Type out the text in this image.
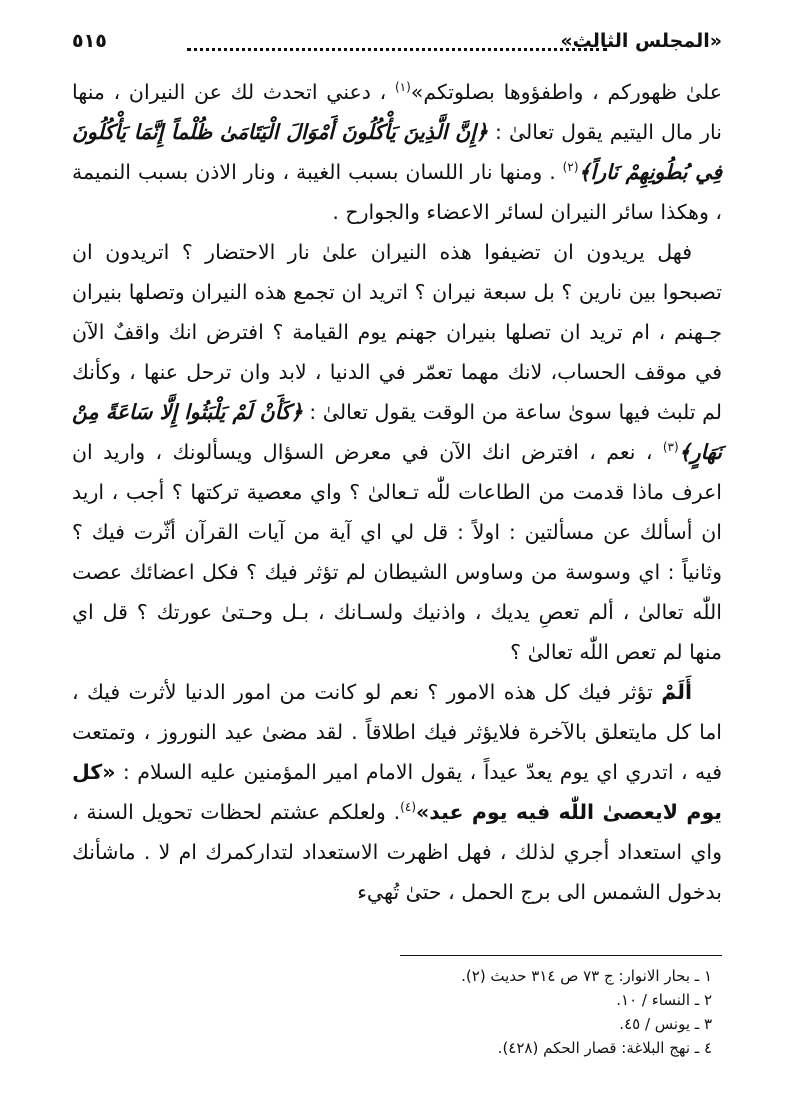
«المجلس الثالث»
٥١٥

علىٰ ظهوركم ، واطفؤوها بصلوتكم»$^{(١)}$ ، دعني اتحدث لك عن النيران ، منها نار مال اليتيم يقول تعالىٰ : ﴿إِنَّ الَّذِينَ يَأْكُلُونَ أَمْوَالَ الْيَتَامَىٰ ظُلْماً إِنَّمَا يَأْكُلُونَ فِي بُطُونِهِمْ نَاراً﴾$^{(٢)}$ . ومنها نار اللسان بسبب الغيبة ، ونار الاذن بسبب النميمة ، وهكذا سائر النيران لسائر الاعضاء والجوارح .

فهل يريدون ان تضيفوا هذه النيران علىٰ نار الاحتضار ؟ اتريدون ان تصبحوا بين نارين ؟ بل سبعة نيران ؟ اتريد ان تجمع هذه النيران وتصلها بنيران جـهنم ، ام تريد ان تصلها بنيران جهنم يوم القيامة ؟ افترض انك واقفٌ الآن في موقف الحساب، لانك مهما تعمّر في الدنيا ، لابد وان ترحل عنها ، وكأنك لم تلبث فيها سوىٰ ساعة من الوقت يقول تعالىٰ : ﴿كَأَنْ لَمْ يَلْبَثُوا إِلَّا سَاعَةً مِنْ نَهَارٍ﴾$^{(٣)}$ ، نعم ، افترض انك الآن في معرض السؤال ويسألونك ، واريد ان اعرف ماذا قدمت من الطاعات للّٰه تـعالىٰ ؟ واي معصية تركتها ؟ أجب ، اريد ان أسألك عن مسألتين : اولاً : قل لي اي آية من آيات القرآن أثّرت فيك ؟ وثانياً : اي وسوسة من وساوس الشيطان لم تؤثر فيك ؟ فكل اعضائك عصت اللّٰه تعالىٰ ، ألم تعصِ يديك ، واذنيك ولسـانك ، بـل وحـتىٰ عورتك ؟ قل اي منها لم تعص اللّٰه تعالىٰ ؟

أَلَمْ تؤثر فيك كل هذه الامور ؟ نعم لو كانت من امور الدنيا لأثرت فيك ، اما كل مايتعلق بالآخرة فلايؤثر فيك اطلاقاً . لقد مضىٰ عيد النوروز ، وتمتعت فيه ، اتدري اي يوم يعدّ عيداً ، يقول الامام امير المؤمنين عليه السلام : «كل يوم لايعصىٰ اللّٰه فيه يوم عيد»$^{(٤)}$. ولعلكم عشتم لحظات تحويل السنة ، واي استعداد أجري لذلك ، فهل اظهرت الاستعداد لتداركمرك ام لا . ماشأنك بدخول الشمس الى برج الحمل ، حتىٰ تُهيء

١ ـ بحار الانوار: ج ٧٣ ص ٣١٤ حديث (٢).
٢ ـ النساء / ١٠.
٣ ـ يونس / ٤٥.
٤ ـ نهج البلاغة: قصار الحكم (٤٢٨).
